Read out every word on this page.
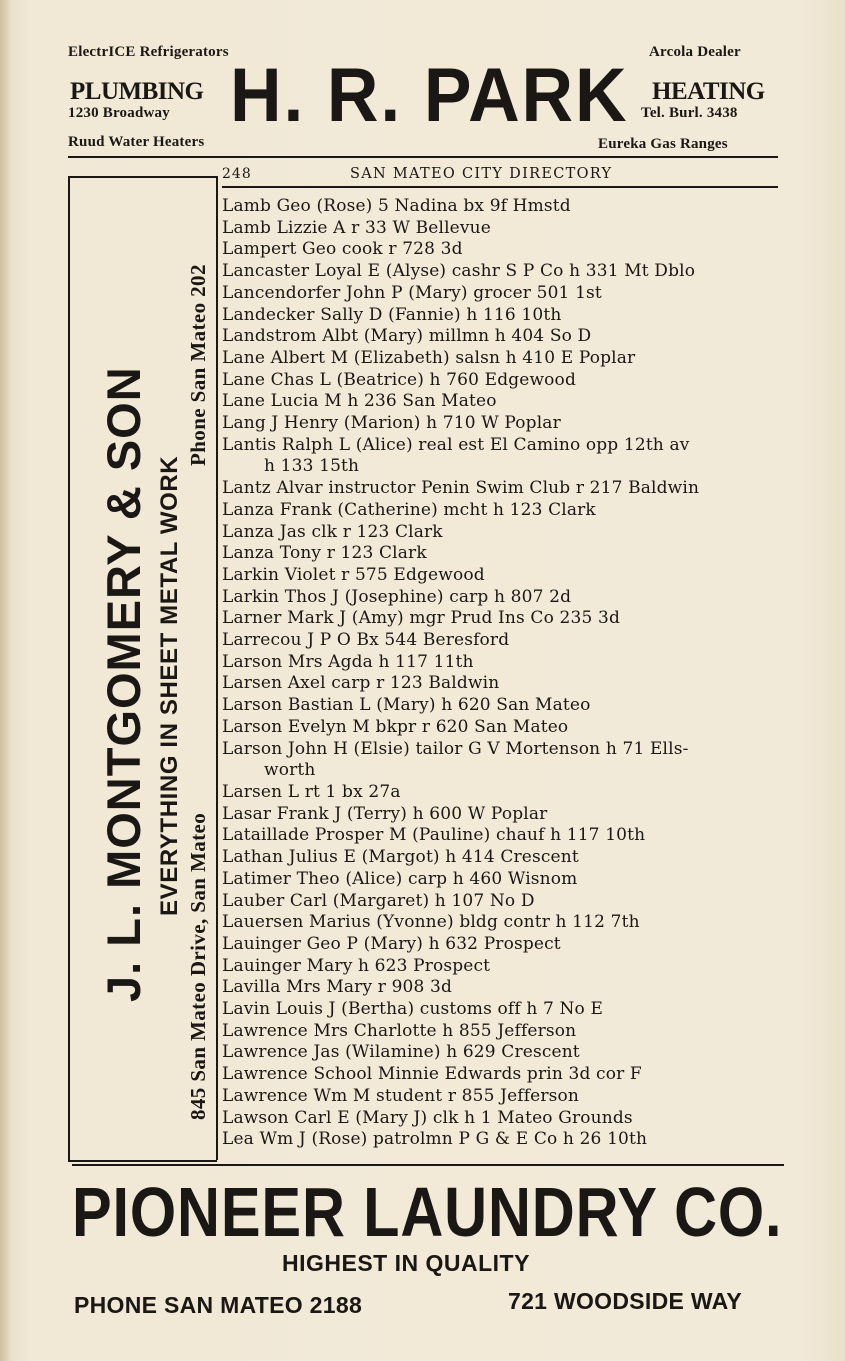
ElectrICE Refrigerators	Arcola Dealer
PLUMBING
1230 Broadway H. R. PARK HEATING
Tel. Burl. 3438
Ruud Water Heaters	Eureka Gas Ranges
248	SAN MATEO CITY DIRECTORY
J. L. MONTGOMERY & SON EVERYTHING IN SHEET METAL WORK
845 San Mateo Drive, San Mateo
Phone San Mateo 202
Lamb Geo (Rose) 5 Nadina bx 9f Hmstd
Lamb Lizzie A r 33 W Bellevue
Lampert Geo cook r 728 3d
Lancaster Loyal E (Alyse) cashr S P Co h 331 Mt Dblo
Lancendorfer John P (Mary) grocer 501 1st
Landecker Sally D (Fannie) h 116 10th
Landstrom Albt (Mary) millmn h 404 So D
Lane Albert M (Elizabeth) salsn h 410 E Poplar
Lane Chas L (Beatrice) h 760 Edgewood
Lane Lucia M h 236 San Mateo
Lang J Henry (Marion) h 710 W Poplar
Lantis Ralph L (Alice) real est El Camino opp 12th av
h 133 15th
Lantz Alvar instructor Penin Swim Club r 217 Baldwin
Lanza Frank (Catherine) mcht h 123 Clark
Lanza Jas clk r 123 Clark
Lanza Tony r 123 Clark
Larkin Violet r 575 Edgewood
Larkin Thos J (Josephine) carp h 807 2d
Larner Mark J (Amy) mgr Prud Ins Co 235 3d
Larrecou J P O Bx 544 Beresford
Larson Mrs Agda h 117 11th
Larsen Axel carp r 123 Baldwin
Larson Bastian L (Mary) h 620 San Mateo
Larson Evelyn M bkpr r 620 San Mateo
Larson John H (Elsie) tailor G V Mortenson h 71 Ells-
worth
Larsen L rt 1 bx 27a
Lasar Frank J (Terry) h 600 W Poplar
Lataillade Prosper M (Pauline) chauf h 117 10th
Lathan Julius E (Margot) h 414 Crescent
Latimer Theo (Alice) carp h 460 Wisnom
Lauber Carl (Margaret) h 107 No D
Lauersen Marius (Yvonne) bldg contr h 112 7th
Lauinger Geo P (Mary) h 632 Prospect
Lauinger Mary h 623 Prospect
Lavilla Mrs Mary r 908 3d
Lavin Louis J (Bertha) customs off h 7 No E
Lawrence Mrs Charlotte h 855 Jefferson
Lawrence Jas (Wilamine) h 629 Crescent
Lawrence School Minnie Edwards prin 3d cor F
Lawrence Wm M student r 855 Jefferson
Lawson Carl E (Mary J) clk h 1 Mateo Grounds
Lea Wm J (Rose) patrolmn P G & E Co h 26 10th
PIONEER LAUNDRY CO.
HIGHEST IN QUALITY
PHONE SAN MATEO 2188	721 WOODSIDE WAY
